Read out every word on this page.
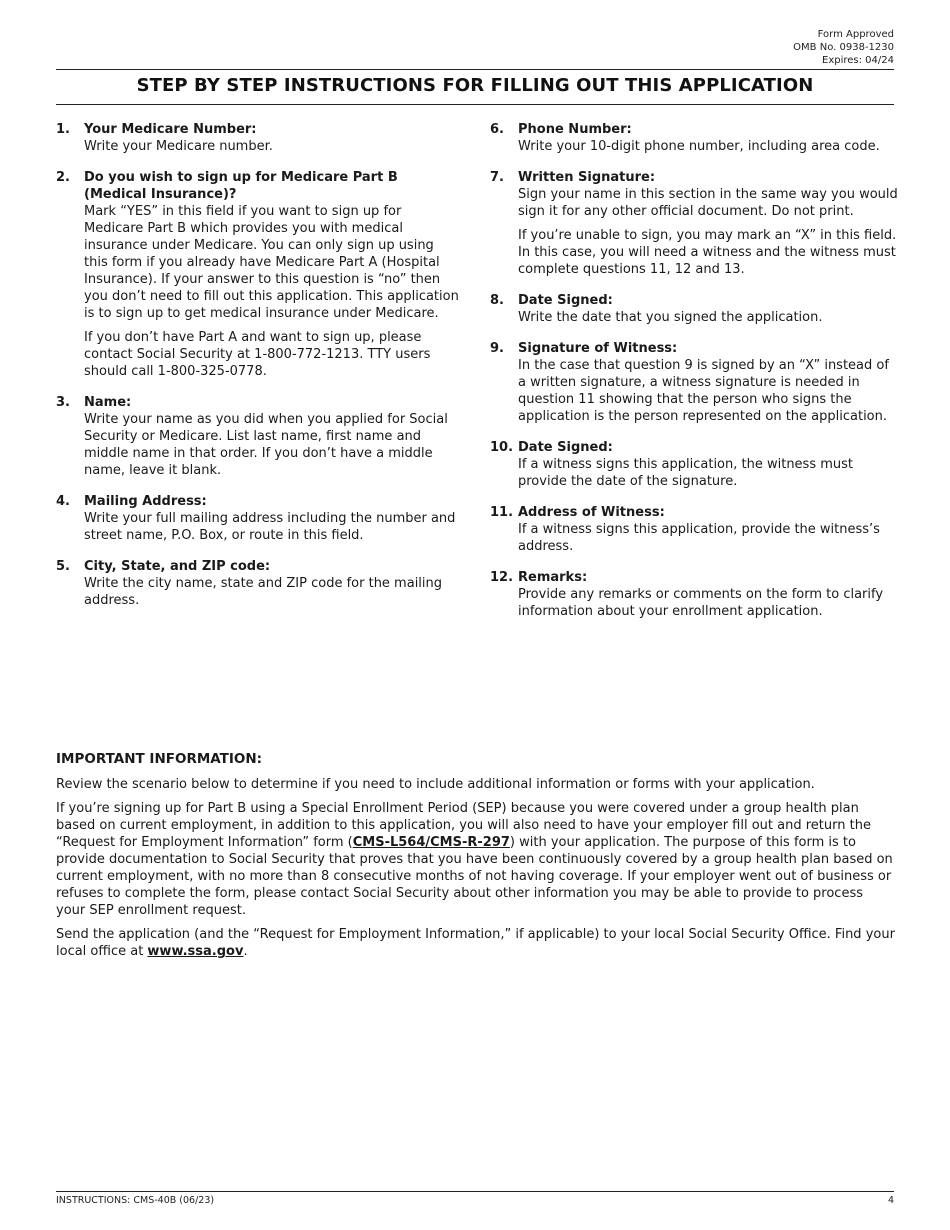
Form Approved
OMB No. 0938-1230
Expires: 04/24
STEP BY STEP INSTRUCTIONS FOR FILLING OUT THIS APPLICATION
1.	Your Medicare Number:

Write your Medicare number.

2.	Do you wish to sign up for Medicare Part B (Medical Insurance)?

Mark “YES” in this field if you want to sign up for Medicare Part B which provides you with medical insurance under Medicare. You can only sign up using this form if you already have Medicare Part A (Hospital Insurance). If your answer to this question is “no” then you don’t need to fill out this application. This application is to sign up to get medical insurance under Medicare.

If you don’t have Part A and want to sign up, please contact Social Security at 1-800-772-1213. TTY users should call 1-800-325-0778.

3.	Name:

Write your name as you did when you applied for Social Security or Medicare. List last name, first name and middle name in that order. If you don’t have a middle name, leave it blank.

4.	Mailing Address:

Write your full mailing address including the number and street name, P.O. Box, or route in this field.

5.	City, State, and ZIP code:

Write the city name, state and ZIP code for the mailing address.

6.	Phone Number:

Write your 10-digit phone number, including area code.

7.	Written Signature:

Sign your name in this section in the same way you would sign it for any other official document. Do not print.

If you’re unable to sign, you may mark an “X” in this field. In this case, you will need a witness and the witness must complete questions 11, 12 and 13.

8.	Date Signed:

Write the date that you signed the application.

9.	Signature of Witness:

In the case that question 9 is signed by an “X” instead of a written signature, a witness signature is needed in question 11 showing that the person who signs the application is the person represented on the application.

10. Date Signed:

If a witness signs this application, the witness must provide the date of the signature.

11. Address of Witness:

If a witness signs this application, provide the witness’s address.

12. Remarks:

Provide any remarks or comments on the form to clarify information about your enrollment application.

IMPORTANT INFORMATION:

Review the scenario below to determine if you need to include additional information or forms with your application.

If you’re signing up for Part B using a Special Enrollment Period (SEP) because you were covered under a group health plan based on current employment, in addition to this application, you will also need to have your employer fill out and return the “Request for Employment Information” form (CMS-L564/CMS-R-297) with your application. The purpose of this form is to provide documentation to Social Security that proves that you have been continuously covered by a group health plan based on current employment, with no more than 8 consecutive months of not having coverage. If your employer went out of business or refuses to complete the form, please contact Social Security about other information you may be able to provide to process your SEP enrollment request.

Send the application (and the “Request for Employment Information,” if applicable) to your local Social Security Office. Find your local office at www.ssa.gov.

INSTRUCTIONS: CMS-40B (06/23)	4
